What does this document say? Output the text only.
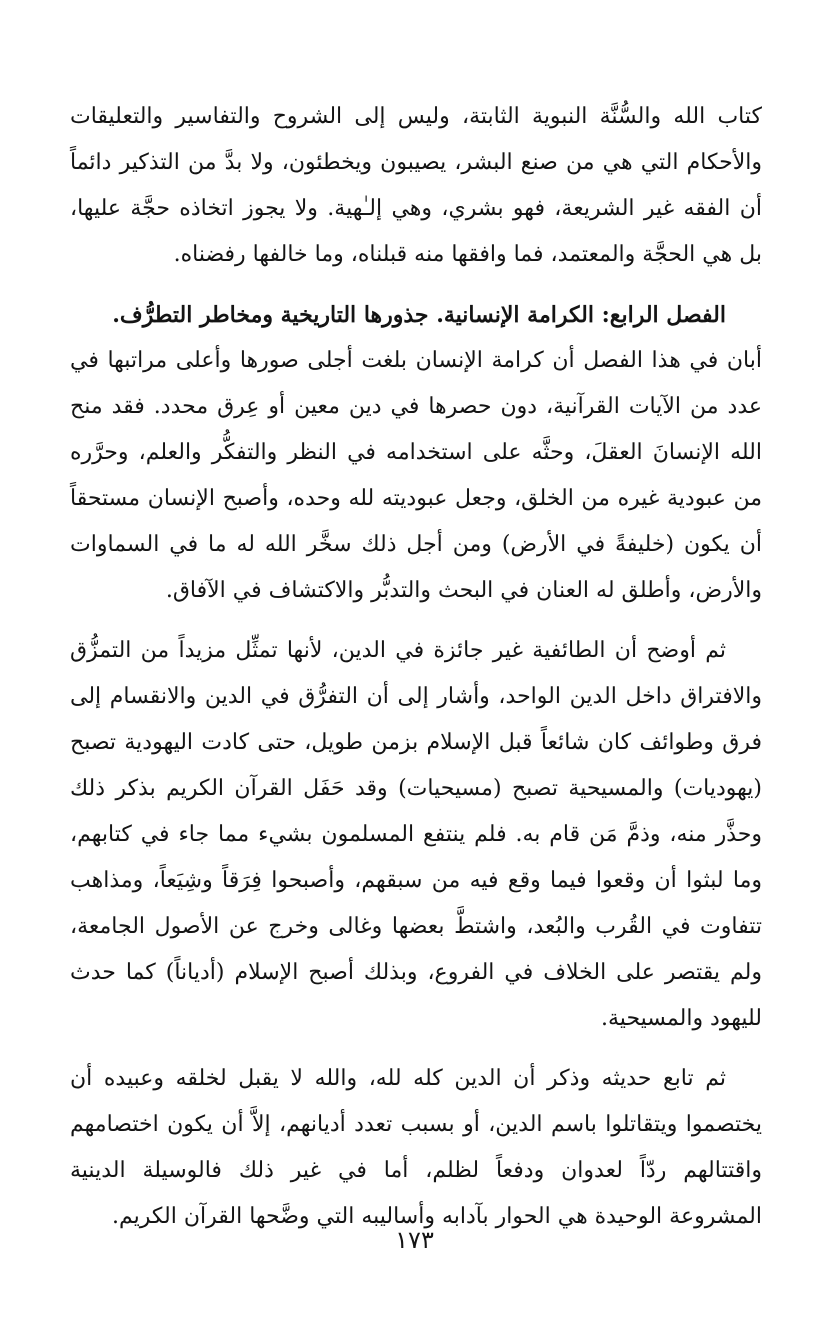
كتاب الله والسُّنَّة النبوية الثابتة، وليس إلى الشروح والتفاسير والتعليقات والأحكام التي هي من صنع البشر، يصيبون ويخطئون، ولا بدَّ من التذكير دائماً أن الفقه غير الشريعة، فهو بشري، وهي إلـٰهية. ولا يجوز اتخاذه حجَّة عليها، بل هي الحجَّة والمعتمد، فما وافقها منه قبلناه، وما خالفها رفضناه.

الفصل الرابع: الكرامة الإنسانية. جذورها التاريخية ومخاطر التطرُّف.

أبان في هذا الفصل أن كرامة الإنسان بلغت أجلى صورها وأعلى مراتبها في عدد من الآيات القرآنية، دون حصرها في دين معين أو عِرق محدد. فقد منح الله الإنسانَ العقلَ، وحثَّه على استخدامه في النظر والتفكُّر والعلم، وحرَّره من عبودية غيره من الخلق، وجعل عبوديته لله وحده، وأصبح الإنسان مستحقاً أن يكون (خليفةً في الأرض) ومن أجل ذلك سخَّر الله له ما في السماوات والأرض، وأطلق له العنان في البحث والتدبُّر والاكتشاف في الآفاق.

ثم أوضح أن الطائفية غير جائزة في الدين، لأنها تمثِّل مزيداً من التمزُّق والافتراق داخل الدين الواحد، وأشار إلى أن التفرُّق في الدين والانقسام إلى فرق وطوائف كان شائعاً قبل الإسلام بزمن طويل، حتى كادت اليهودية تصبح (يهوديات) والمسيحية تصبح (مسيحيات) وقد حَفَل القرآن الكريم بذكر ذلك وحذَّر منه، وذمَّ مَن قام به. فلم ينتفع المسلمون بشيء مما جاء في كتابهم، وما لبثوا أن وقعوا فيما وقع فيه من سبقهم، وأصبحوا فِرَقاً وشِيَعاً، ومذاهب تتفاوت في القُرب والبُعد، واشتطَّ بعضها وغالى وخرج عن الأصول الجامعة، ولم يقتصر على الخلاف في الفروع، وبذلك أصبح الإسلام (أدياناً) كما حدث لليهود والمسيحية.

ثم تابع حديثه وذكر أن الدين كله لله، والله لا يقبل لخلقه وعبيده أن يختصموا ويتقاتلوا باسم الدين، أو بسبب تعدد أديانهم، إلاَّ أن يكون اختصامهم واقتتالهم ردّاً لعدوان ودفعاً لظلم، أما في غير ذلك فالوسيلة الدينية المشروعة الوحيدة هي الحوار بآدابه وأساليبه التي وضَّحها القرآن الكريم.

١٧٣
